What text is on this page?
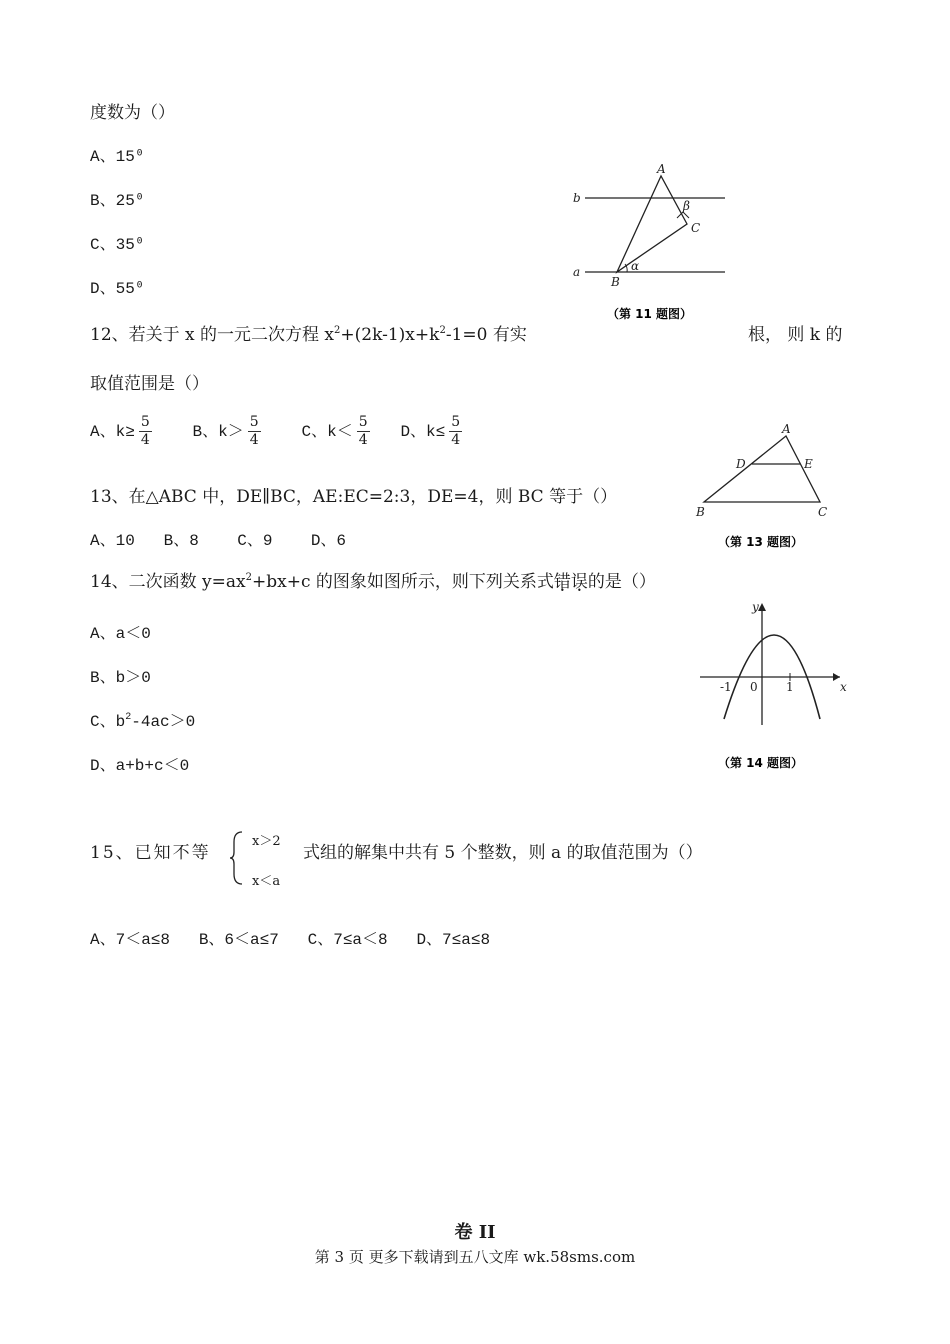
度数为（）
A、15⁰
B、25⁰
C、35⁰
D、55⁰
A
b
β
C
a	α
B
（第 11 题图）
12、若关于 x 的一元二次方程 $x^2+(2k-1)x+k^2-1=0$ 有实	根， 则 k 的
取值范围是（）
A、$k\ge \frac{5}{4}$	B、$k> \frac{5}{4}$	C、$k< \frac{5}{4}$ D、$k\le \frac{5}{4}$
13、在△ABC 中，DE∥BC，AE:EC=2:3，DE=4，则 BC 等于（）
A、10   B、8    C、9    D、6
A
D	E
B	C
（第 13 题图）
14、二次函数 $y=ax^2+bx+c$ 的图象如图所示，则下列关系式错误的是（）
A、a＜0
B、b＞0
C、$b^2-4ac>0$
D、a+b+c＜0
y
x
-1 0 1
（第 14 题图）
15、已知不等
x＞2
x＜a
式组的解集中共有 5 个整数，则 a 的取值范围为（）
A、7＜a≤8   B、6＜a≤7   C、7≤a＜8   D、7≤a≤8
卷 II
第 3 页 更多下载请到五八文库 wk.58sms.com
